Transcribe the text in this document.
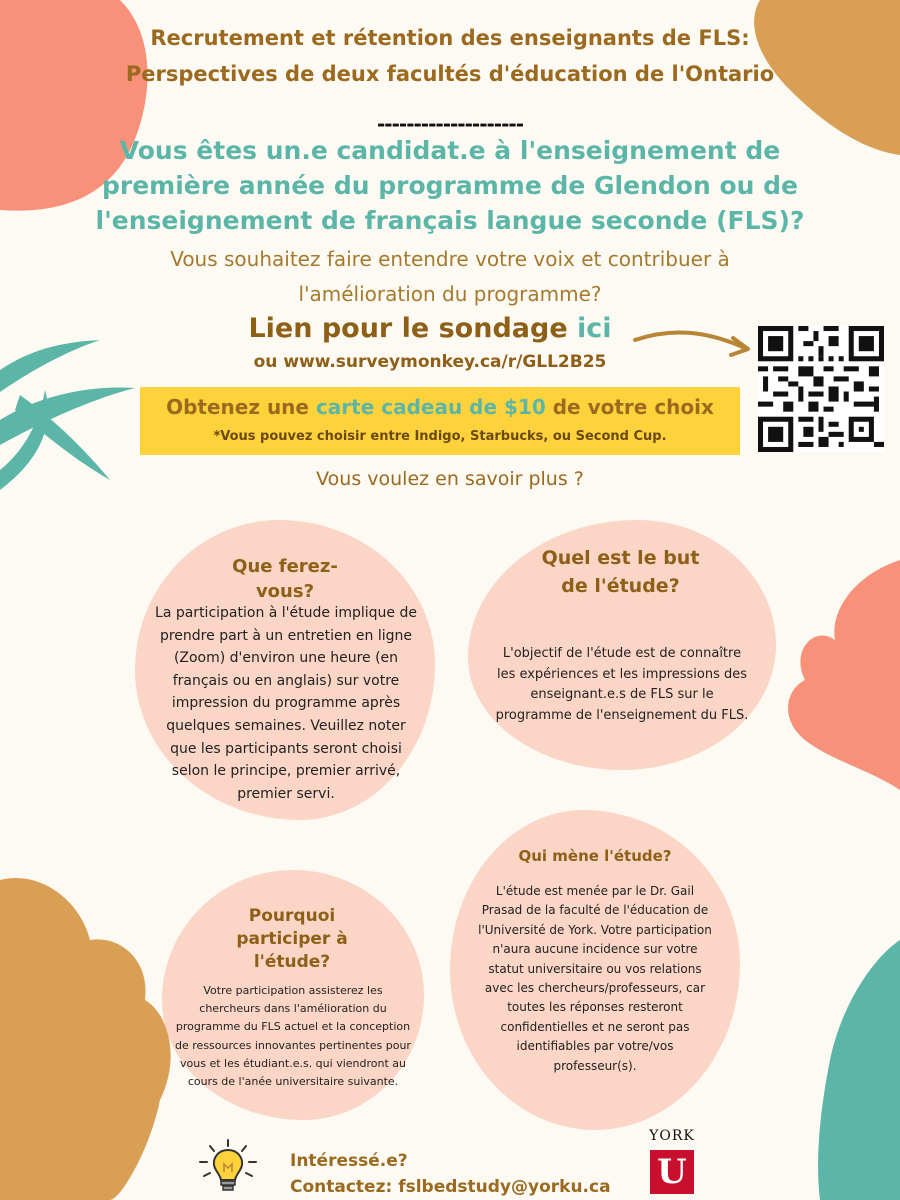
Recrutement et rétention des enseignants de FLS: Perspectives de deux facultés d'éducation de l'Ontario
--------------------
Vous êtes un.e candidat.e à l'enseignement de première année du programme de Glendon ou de l'enseignement de français langue seconde (FLS)?
Vous souhaitez faire entendre votre voix et contribuer à l'amélioration du programme?
Lien pour le sondage ici
ou www.surveymonkey.ca/r/GLL2B25
Obtenez une carte cadeau de $10 de votre choix
*Vous pouvez choisir entre Indigo, Starbucks, ou Second Cup.
Vous voulez en savoir plus ?
Que ferez-vous?

La participation à l'étude implique de prendre part à un entretien en ligne (Zoom) d'environ une heure (en français ou en anglais) sur votre impression du programme après quelques semaines. Veuillez noter que les participants seront choisi selon le principe, premier arrivé, premier servi.

Quel est le but de l'étude?

L'objectif de l'étude est de connaître les expériences et les impressions des enseignant.e.s de FLS sur le programme de l'enseignement du FLS.

Pourquoi participer à l'étude?

Votre participation assisterez les chercheurs dans l'amélioration du programme du FLS actuel et la conception de ressources innovantes pertinentes pour vous et les étudiant.e.s. qui viendront au cours de l'anée universitaire suivante.

Qui mène l'étude?

L'étude est menée par le Dr. Gail Prasad de la faculté de l'éducation de l'Université de York. Votre participation n'aura aucune incidence sur votre statut universitaire ou vos relations avec les chercheurs/professeurs, car toutes les réponses resteront confidentielles et ne seront pas identifiables par votre/vos professeur(s).

Intéressé.e?
Contactez: fslbedstudy@yorku.ca
YORK
U
